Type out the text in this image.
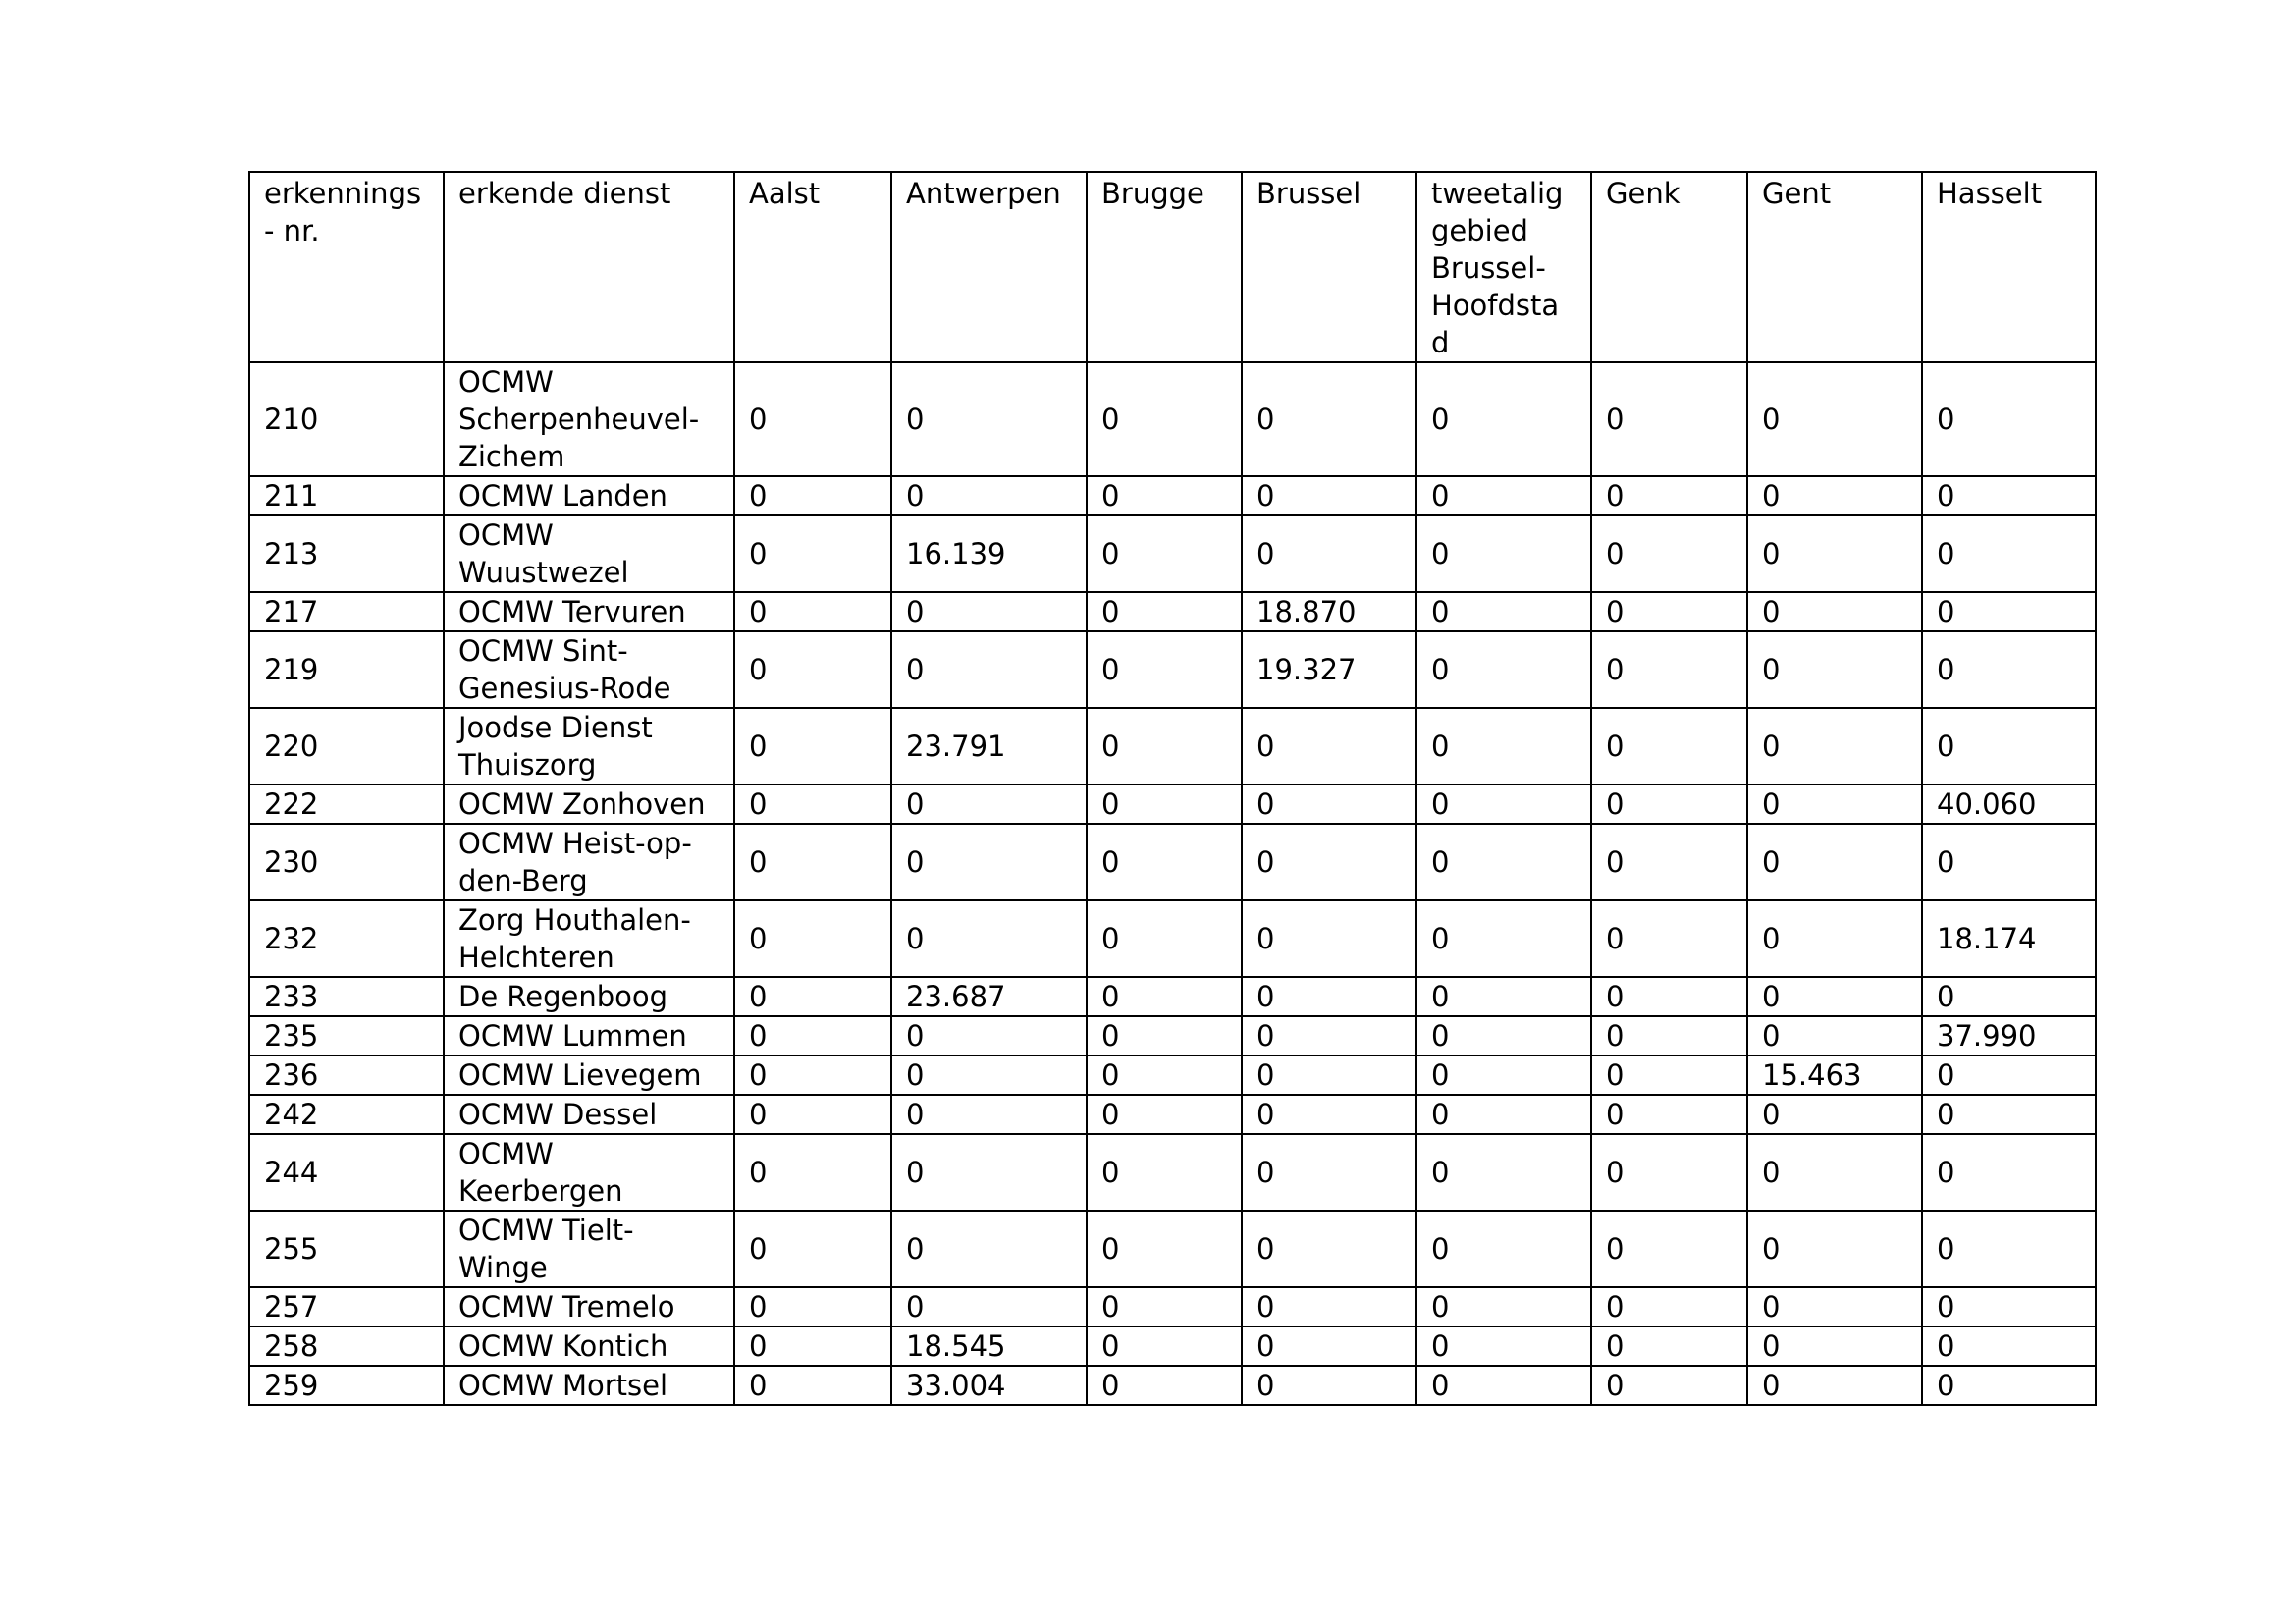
erkennings- nr.	erkende dienst	Aalst	Antwerpen	Brugge	Brussel	tweetalig gebied Brussel-Hoofdstad	Genk	Gent	Hasselt
210	OCMW Scherpenheuvel-Zichem	0	0	0	0	0	0	0	0
211	OCMW Landen	0	0	0	0	0	0	0	0
213	OCMW Wuustwezel	0	16.139	0	0	0	0	0	0
217	OCMW Tervuren	0	0	0	18.870	0	0	0	0
219	OCMW Sint-Genesius-Rode	0	0	0	19.327	0	0	0	0
220	Joodse Dienst Thuiszorg	0	23.791	0	0	0	0	0	0
222	OCMW Zonhoven	0	0	0	0	0	0	0	40.060
230	OCMW Heist-op-den-Berg	0	0	0	0	0	0	0	0
232	Zorg Houthalen-Helchteren	0	0	0	0	0	0	0	18.174
233	De Regenboog	0	23.687	0	0	0	0	0	0
235	OCMW Lummen	0	0	0	0	0	0	0	37.990
236	OCMW Lievegem	0	0	0	0	0	0	15.463	0
242	OCMW Dessel	0	0	0	0	0	0	0	0
244	OCMW Keerbergen	0	0	0	0	0	0	0	0
255	OCMW Tielt-Winge	0	0	0	0	0	0	0	0
257	OCMW Tremelo	0	0	0	0	0	0	0	0
258	OCMW Kontich	0	18.545	0	0	0	0	0	0
259	OCMW Mortsel	0	33.004	0	0	0	0	0	0
